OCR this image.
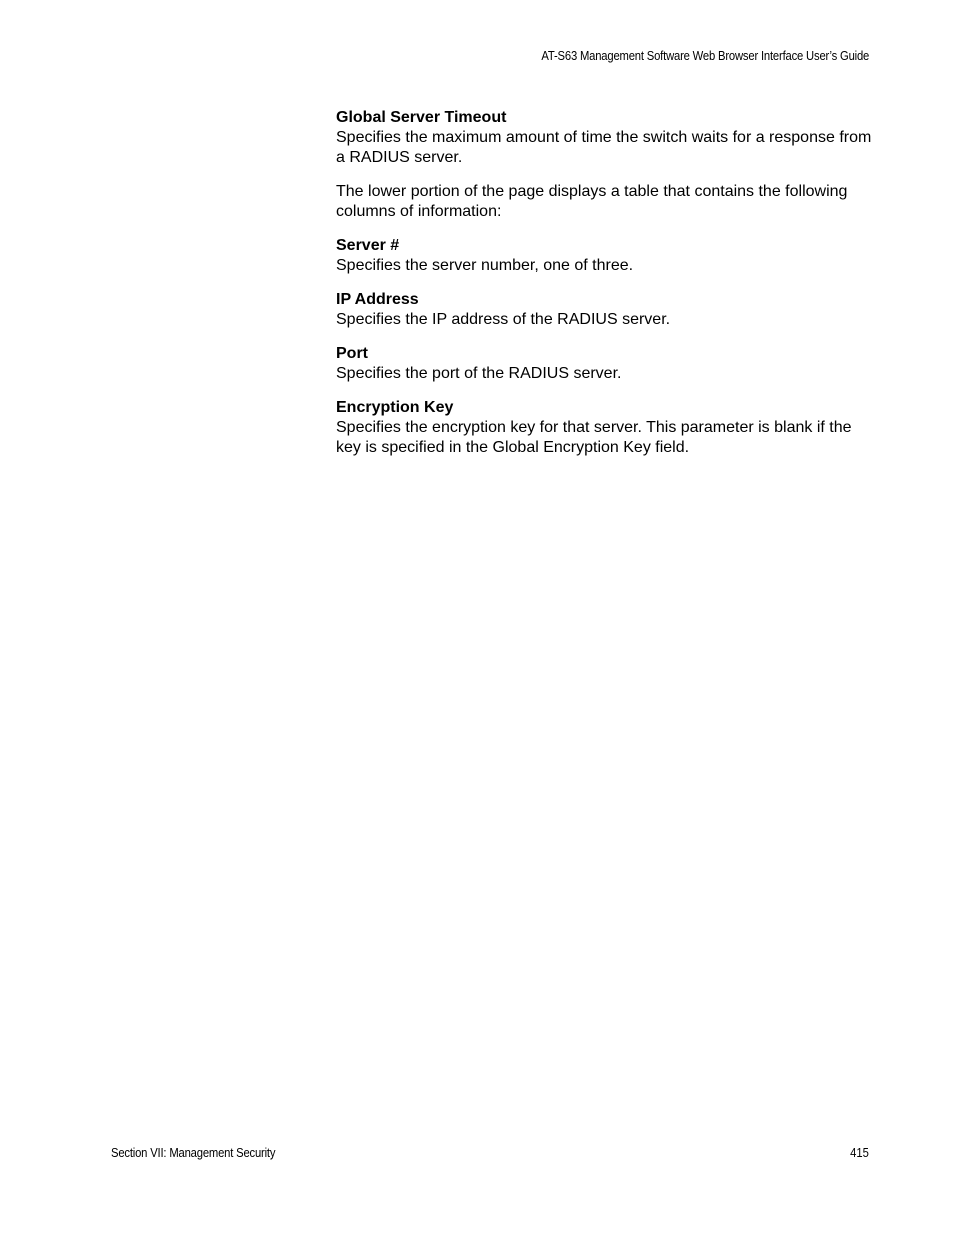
AT-S63 Management Software Web Browser Interface User’s Guide
Global Server Timeout
Specifies the maximum amount of time the switch waits for a response from a RADIUS server.
The lower portion of the page displays a table that contains the following columns of information:
Server #
Specifies the server number, one of three.
IP Address
Specifies the IP address of the RADIUS server.
Port
Specifies the port of the RADIUS server.
Encryption Key
Specifies the encryption key for that server. This parameter is blank if the key is specified in the Global Encryption Key field.
Section VII: Management Security	415
